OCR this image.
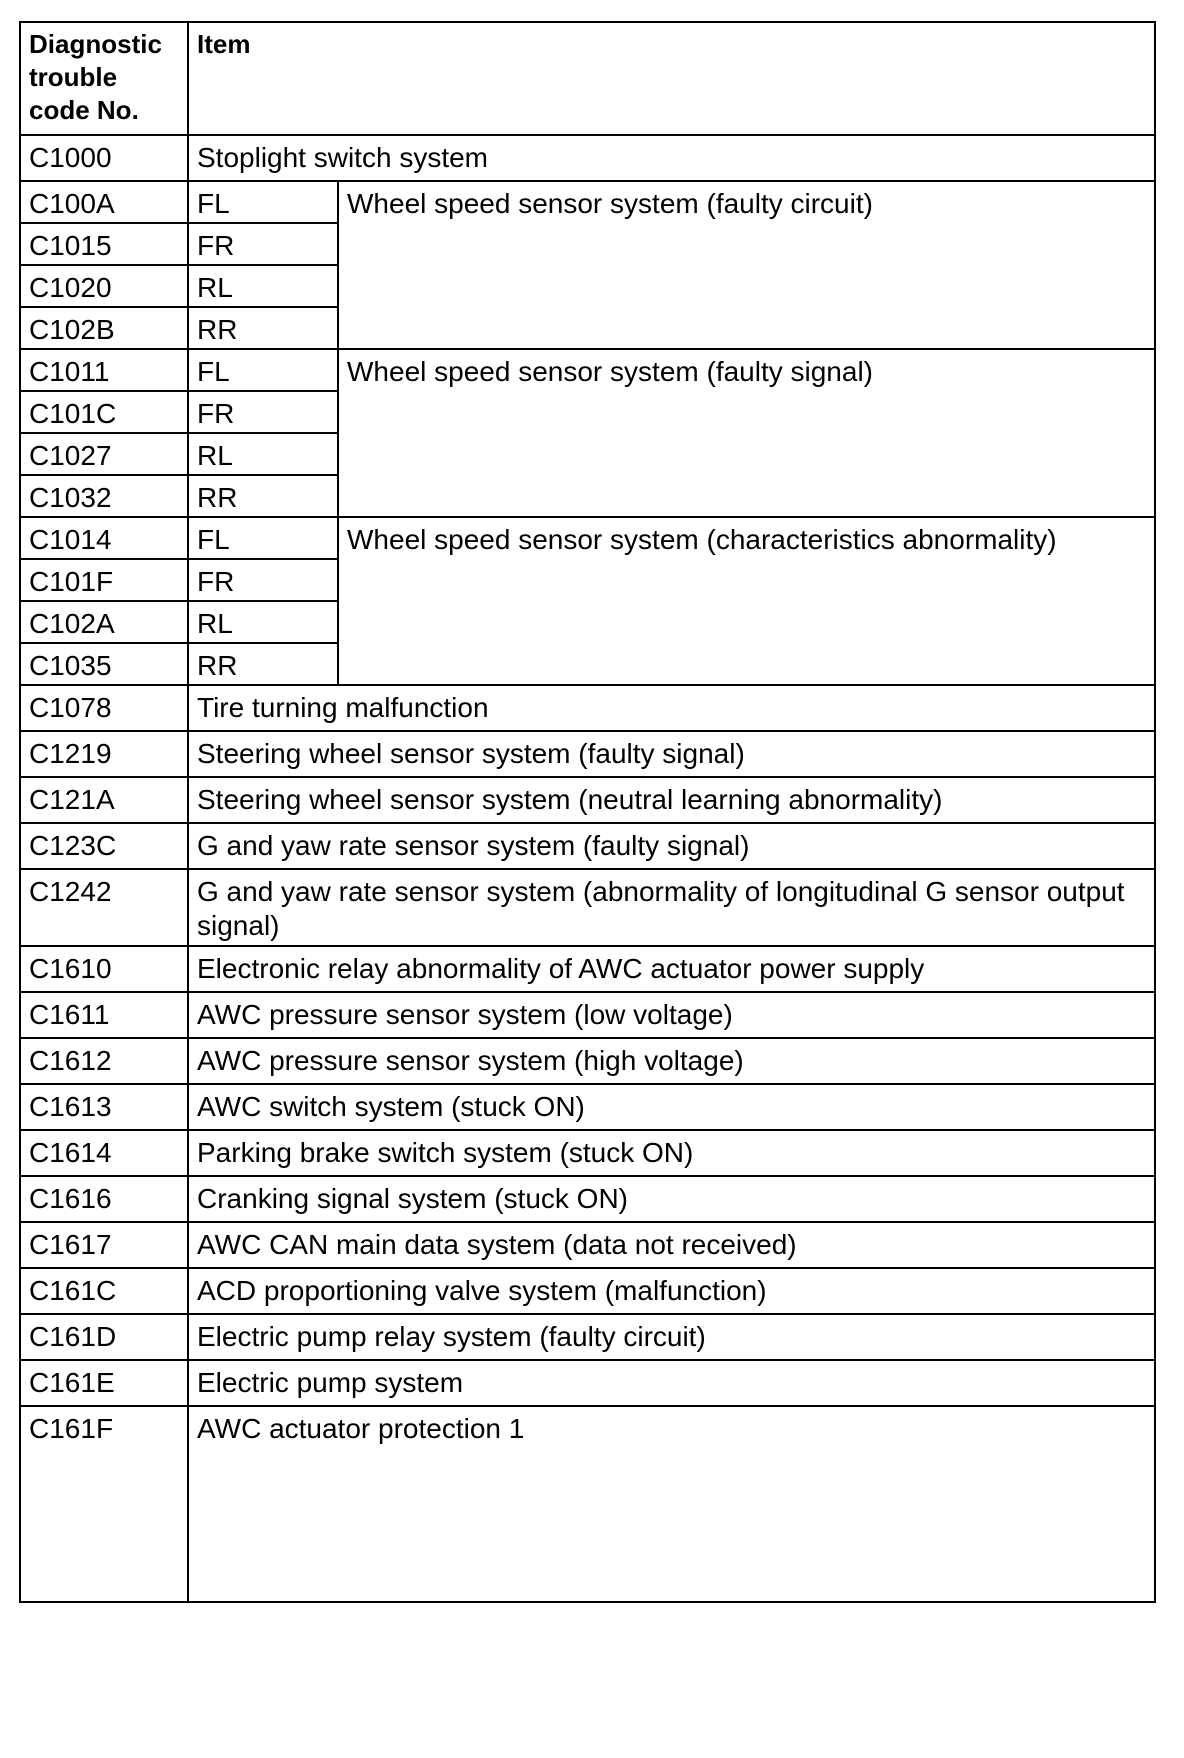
Diagnostic trouble code No.	Item	
C1000	Stoplight switch system	
C100A	FL	Wheel speed sensor system (faulty circuit)
C1015	FR	
C1020	RL	
C102B	RR	
C1011	FL	Wheel speed sensor system (faulty signal)
C101C	FR	
C1027	RL	
C1032	RR	
C1014	FL	Wheel speed sensor system (characteristics abnormality)
C101F	FR	
C102A	RL	
C1035	RR	
C1078	Tire turning malfunction	
C1219	Steering wheel sensor system (faulty signal)	
C121A	Steering wheel sensor system (neutral learning abnormality)	
C123C	G and yaw rate sensor system (faulty signal)	
C1242	G and yaw rate sensor system (abnormality of longitudinal G sensor output signal)	
C1610	Electronic relay abnormality of AWC actuator power supply	
C1611	AWC pressure sensor system (low voltage)	
C1612	AWC pressure sensor system (high voltage)	
C1613	AWC switch system (stuck ON)	
C1614	Parking brake switch system (stuck ON)	
C1616	Cranking signal system (stuck ON)	
C1617	AWC CAN main data system (data not received)	
C161C	ACD proportioning valve system (malfunction)	
C161D	Electric pump relay system (faulty circuit)	
C161E	Electric pump system	
C161F	AWC actuator protection 1	
